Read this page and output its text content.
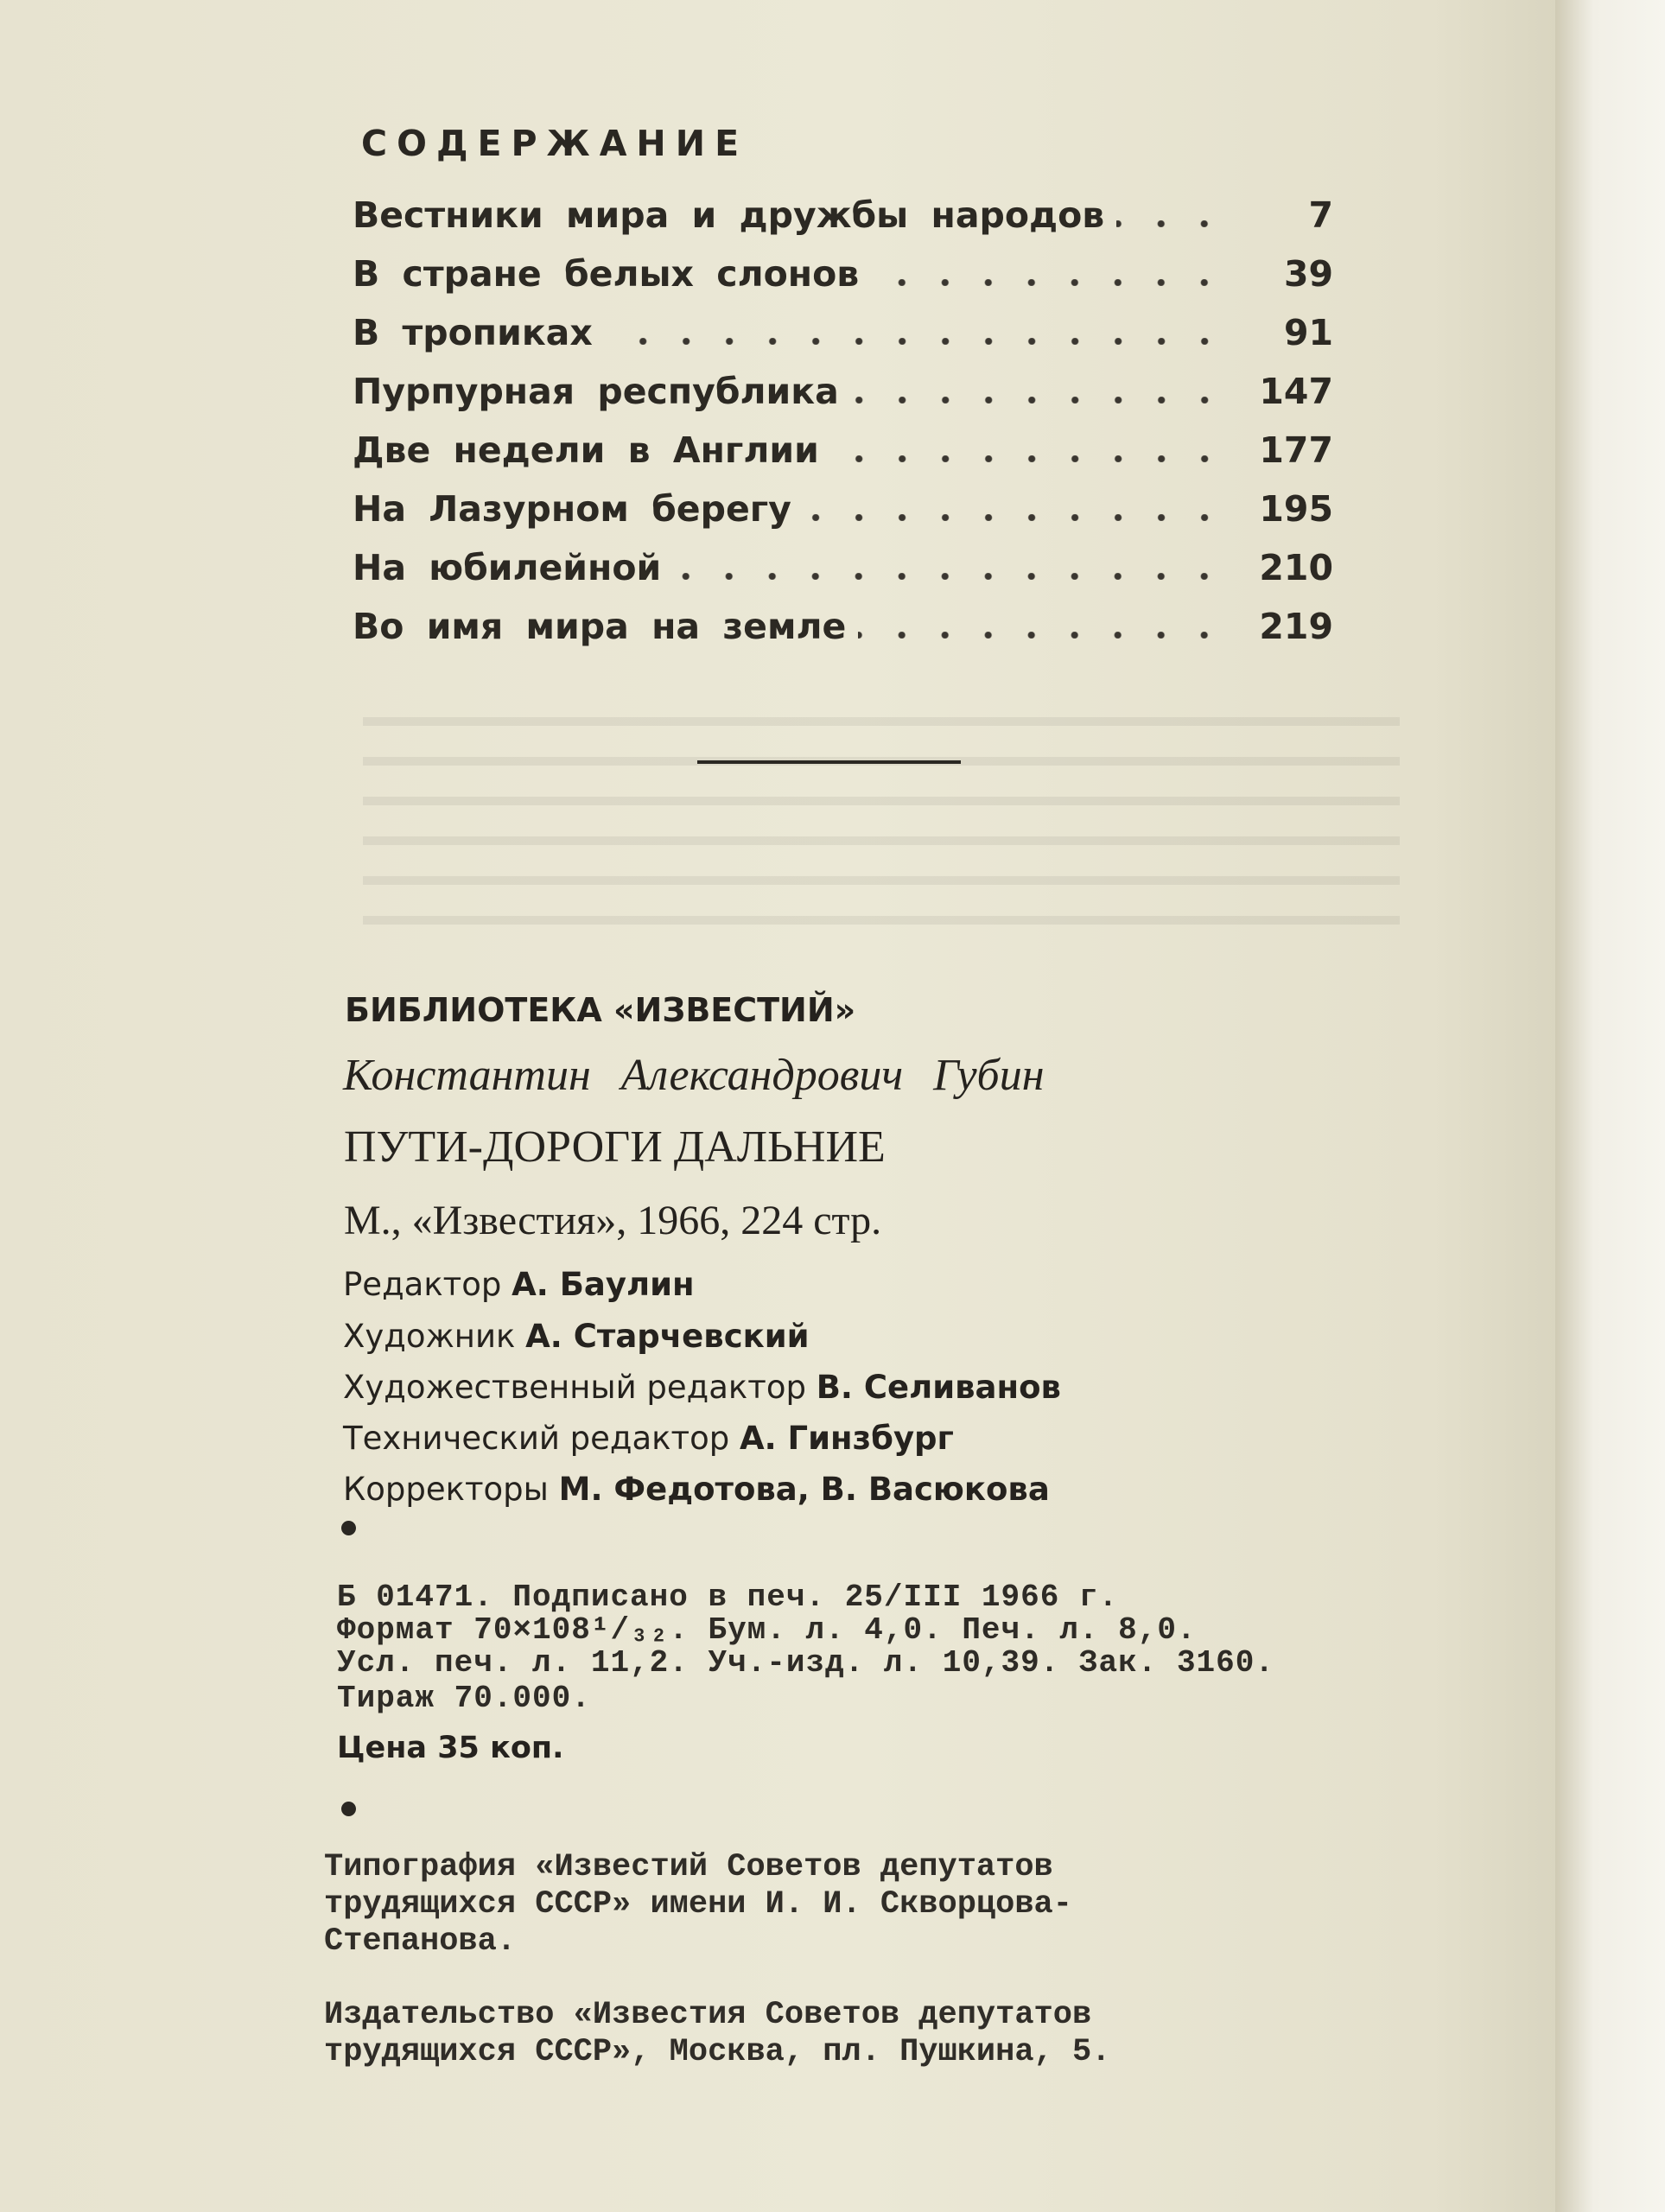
СОДЕРЖАНИЕ
Вестники мира и дружбы народов	7
В стране белых слонов	39
В тропиках	91
Пурпурная республика	147
Две недели в Англии	177
На Лазурном берегу	195
На юбилейной	210
Во имя мира на земле	219

БИБЛИОТЕКА «ИЗВЕСТИЙ»

Константин Александрович Губин

ПУТИ-ДОРОГИ ДАЛЬНИЕ

М., «Известия», 1966, 224 стр.

Редактор А. Баулин

Художник А. Старчевский

Художественный редактор В. Селиванов

Технический редактор А. Гинзбург

Корректоры М. Федотова, В. Васюкова

Б 01471. Подписано в печ. 25/III 1966 г.

Формат 70×108¹/₃₂. Бум. л. 4,0. Печ. л. 8,0.

Усл. печ. л. 11,2. Уч.-изд. л. 10,39. Зак. 3160.

Тираж 70.000.

Цена 35 коп.

Типография «Известий Советов депутатов

трудящихся СССР» имени И. И. Скворцова-

Степанова.

Издательство «Известия Советов депутатов

трудящихся СССР», Москва, пл. Пушкина, 5.
